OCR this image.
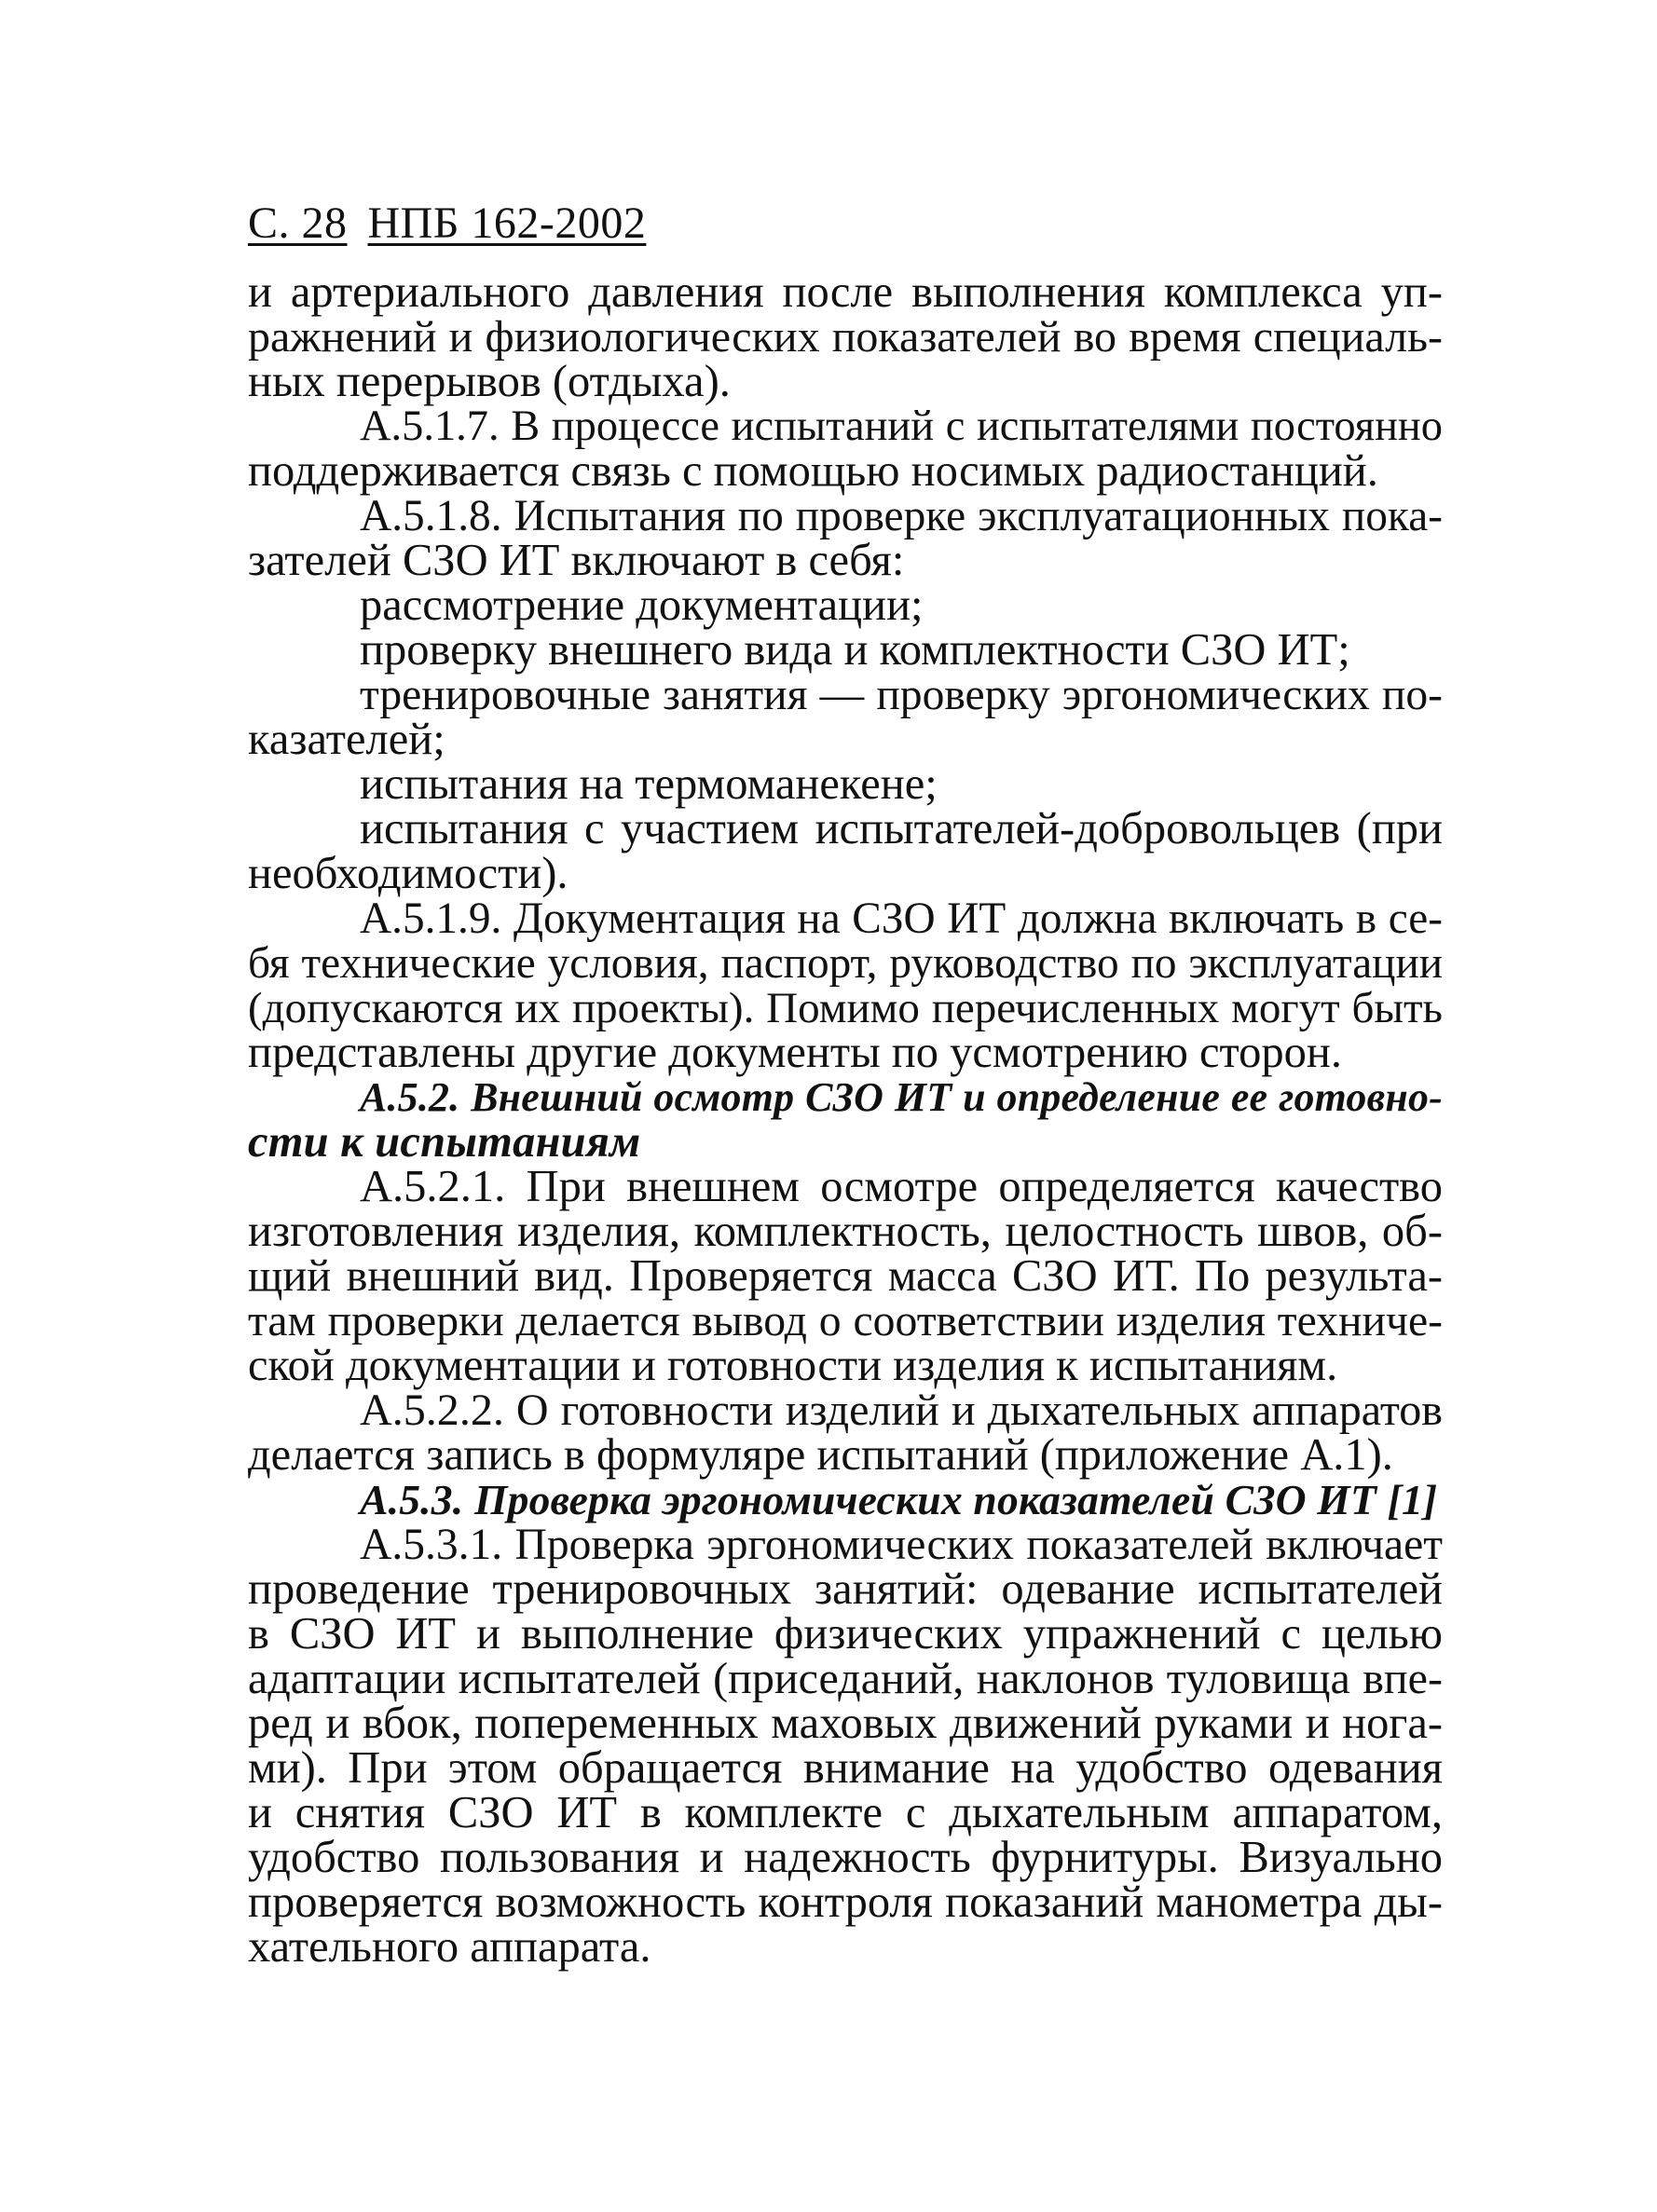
С. 28 НПБ 162-2002
и артериального давления после выполнения комплекса уп-
ражнений и физиологических показателей во время специаль-
ных перерывов (отдыха).
А.5.1.7. В процессе испытаний с испытателями постоянно
поддерживается связь с помощью носимых радиостанций.
А.5.1.8. Испытания по проверке эксплуатационных пока-
зателей СЗО ИТ включают в себя:
рассмотрение документации;
проверку внешнего вида и комплектности СЗО ИТ;
тренировочные занятия — проверку эргономических по-
казателей;
испытания на термоманекене;
испытания с участием испытателей-добровольцев (при
необходимости).
А.5.1.9. Документация на СЗО ИТ должна включать в се-
бя технические условия, паспорт, руководство по эксплуатации
(допускаются их проекты). Помимо перечисленных могут быть
представлены другие документы по усмотрению сторон.
А.5.2. Внешний осмотр СЗО ИТ и определение ее готовно-
сти к испытаниям
А.5.2.1. При внешнем осмотре определяется качество
изготовления изделия, комплектность, целостность швов, об-
щий внешний вид. Проверяется масса СЗО ИТ. По результа-
там проверки делается вывод о соответствии изделия техниче-
ской документации и готовности изделия к испытаниям.
А.5.2.2. О готовности изделий и дыхательных аппаратов
делается запись в формуляре испытаний (приложение А.1).
А.5.3. Проверка эргономических показателей СЗО ИТ [1]
А.5.3.1. Проверка эргономических показателей включает
проведение тренировочных занятий: одевание испытателей
в СЗО ИТ и выполнение физических упражнений с целью
адаптации испытателей (приседаний, наклонов туловища впе-
ред и вбок, попеременных маховых движений руками и нога-
ми). При этом обращается внимание на удобство одевания
и снятия СЗО ИТ в комплекте с дыхательным аппаратом,
удобство пользования и надежность фурнитуры. Визуально
проверяется возможность контроля показаний манометра ды-
хательного аппарата.
